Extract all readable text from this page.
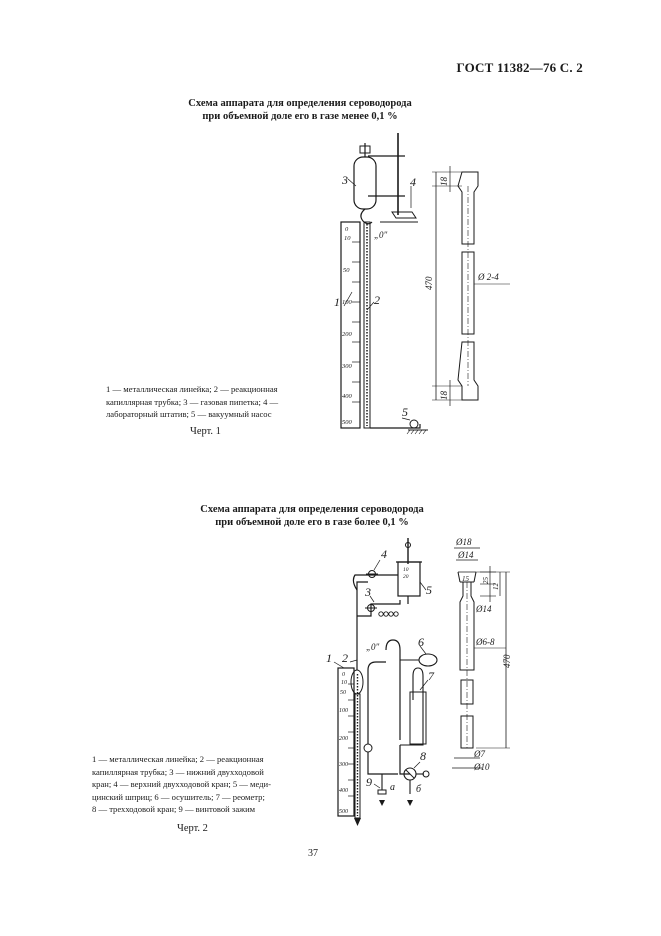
ГОСТ 11382—76 С. 2
Схема аппарата для определения сероводорода
при объемной доле его в газе менее 0,1 %
0
10
50
100
200
300
400
500
3	4
1	2
5
„0"
18
470	Ø 2-4
18
1 — металлическая линейка; 2 — реакционная
капиллярная трубка; 3 — газовая пипетка; 4 —
лабораторный штатив; 5 — вакуумный насос
Черт. 1
Схема аппарата для определения сероводорода
при объемной доле его в газе более 0,1 %
0
10
50
100
200
300
400
500
10
20
1 2
3
4
5
6
7
8
9 а б
„0"
Ø18
Ø14
15 25
12
Ø14
Ø6-8
470
Ø7
Ø10
1 — металлическая линейка; 2 — реакционная
капиллярная трубка; 3 — нижний двухходовой
кран; 4 — верхний двухходовой кран; 5 — меди-
цинский шприц; 6 — осушитель; 7 — реометр;
8 — трехходовой кран; 9 — винтовой зажим
Черт. 2
37
